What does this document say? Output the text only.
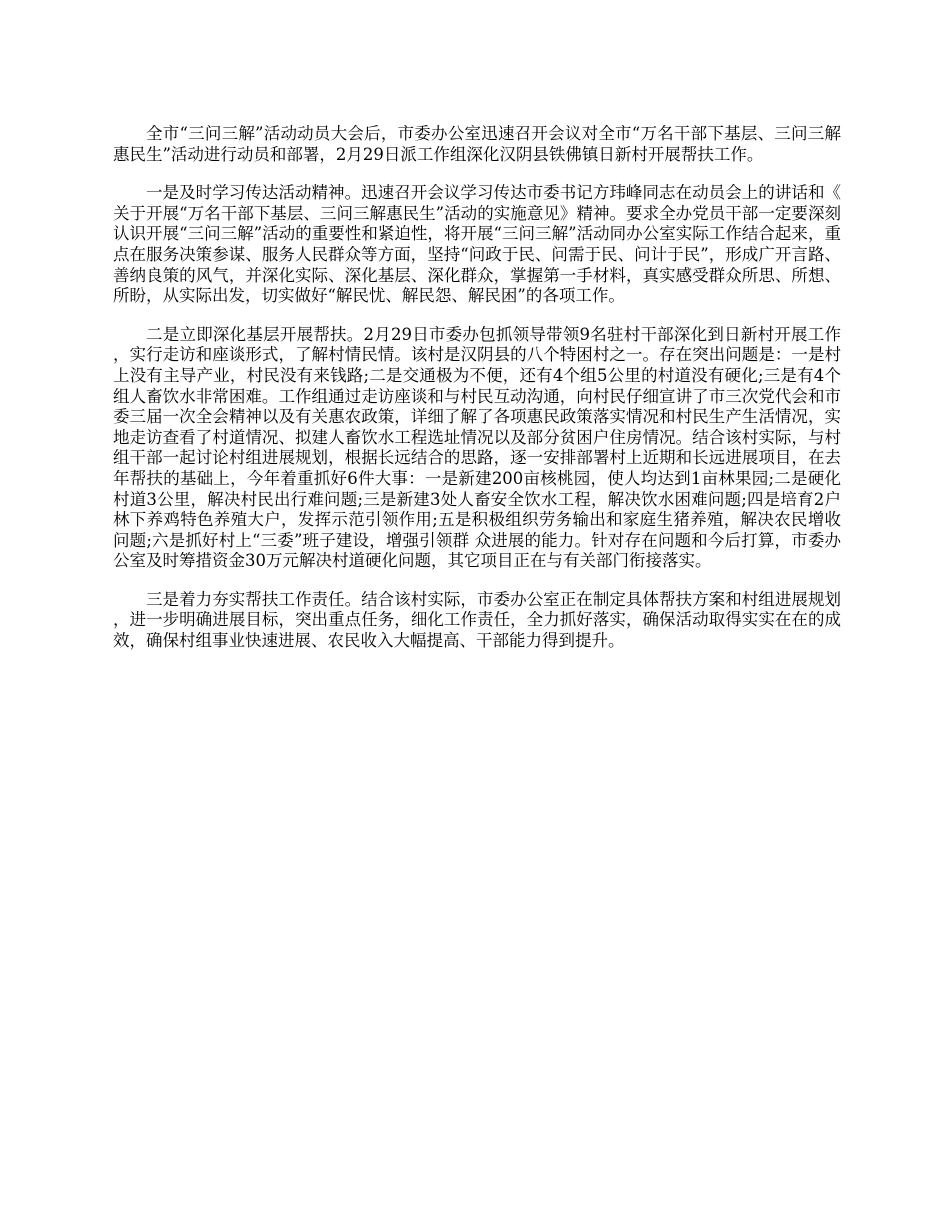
全市“三问三解”活动动员大会后，市委办公室迅速召开会议对全市“万名干部下基层、三问三解惠民生”活动进行动员和部署，2月29日派工作组深化汉阴县铁佛镇日新村开展帮扶工作。

一是及时学习传达活动精神。迅速召开会议学习传达市委书记方玮峰同志在动员会上的讲话和《关于开展“万名干部下基层、三问三解惠民生”活动的实施意见》精神。要求全办党员干部一定要深刻认识开展“三问三解”活动的重要性和紧迫性，将开展“三问三解”活动同办公室实际工作结合起来，重点在服务决策参谋、服务人民群众等方面，坚持“问政于民、问需于民、问计于民”，形成广开言路、善纳良策的风气，并深化实际、深化基层、深化群众，掌握第一手材料，真实感受群众所思、所想、所盼，从实际出发，切实做好“解民忧、解民怨、解民困”的各项工作。

二是立即深化基层开展帮扶。2月29日市委办包抓领导带领9名驻村干部深化到日新村开展工作，实行走访和座谈形式，了解村情民情。该村是汉阴县的八个特困村之一。存在突出问题是：一是村上没有主导产业，村民没有来钱路;二是交通极为不便，还有4个组5公里的村道没有硬化;三是有4个组人畜饮水非常困难。工作组通过走访座谈和与村民互动沟通，向村民仔细宣讲了市三次党代会和市委三届一次全会精神以及有关惠农政策，详细了解了各项惠民政策落实情况和村民生产生活情况，实地走访查看了村道情况、拟建人畜饮水工程选址情况以及部分贫困户住房情况。结合该村实际，与村组干部一起讨论村组进展规划，根据长远结合的思路，逐一安排部署村上近期和长远进展项目，在去年帮扶的基础上，今年着重抓好6件大事：一是新建200亩核桃园，使人均达到1亩林果园;二是硬化村道3公里，解决村民出行难问题;三是新建3处人畜安全饮水工程，解决饮水困难问题;四是培育2户林下养鸡特色养殖大户，发挥示范引领作用;五是积极组织劳务输出和家庭生猪养殖，解决农民增收问题;六是抓好村上“三委”班子建设，增强引领群 众进展的能力。针对存在问题和今后打算，市委办公室及时筹措资金30万元解决村道硬化问题，其它项目正在与有关部门衔接落实。

三是着力夯实帮扶工作责任。结合该村实际，市委办公室正在制定具体帮扶方案和村组进展规划，进一步明确进展目标，突出重点任务，细化工作责任，全力抓好落实，确保活动取得实实在在的成效，确保村组事业快速进展、农民收入大幅提高、干部能力得到提升。
